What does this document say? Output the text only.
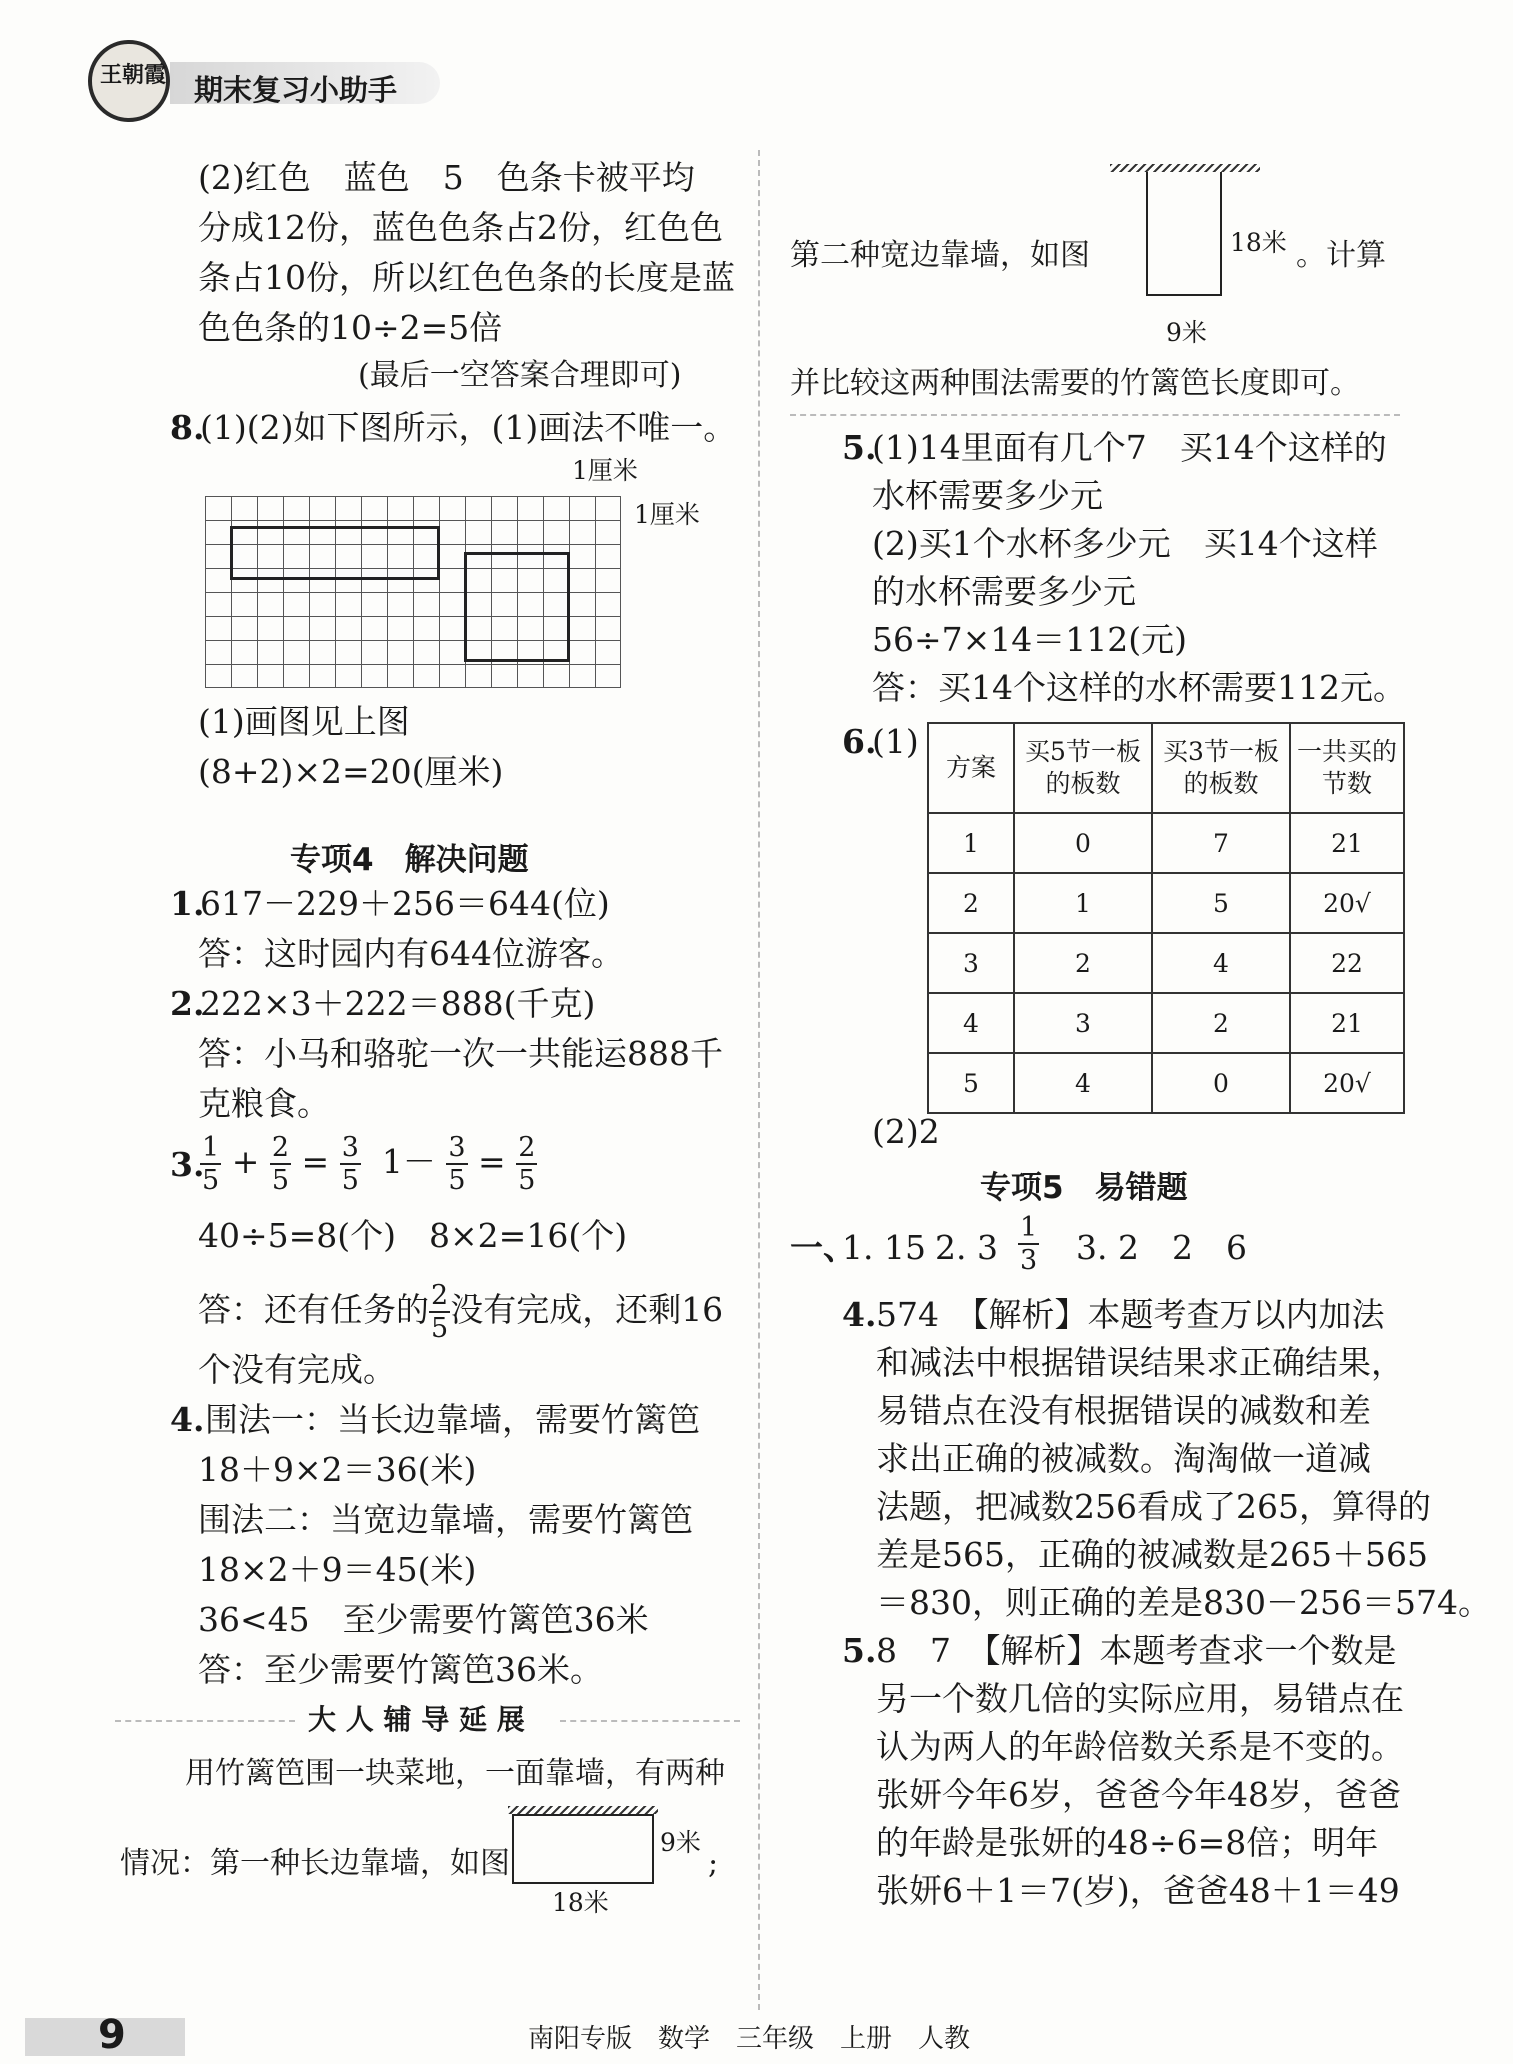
王朝霞 期末复习小助手
(2)红色　蓝色　5　色条卡被平均
分成12份，蓝色色条占2份，红色色
条占10份，所以红色色条的长度是蓝
色色条的10÷2=5倍
(最后一空答案合理即可)
8.
(1)(2)如下图所示，(1)画法不唯一。
1厘米
1厘米
(1)画图见上图
(8+2)×2=20(厘米)
专项4　解决问题
1.
617－229＋256＝644(位)
答：这时园内有644位游客。
2.
222×3＋222＝888(千克)
答：小马和骆驼一次一共能运888千
克粮食。
3.
$\frac{1}{5} + \frac{2}{5} = \frac{3}{5} 1- \frac{3}{5} = \frac{2}{5}$
40÷5=8(个)　8×2=16(个)
答：还有任务的 $\frac{2}{5}$ 没有完成，还剩16
个没有完成。
4. 围法一：当长边靠墙，需要竹篱笆
18＋9×2＝36(米)
围法二：当宽边靠墙，需要竹篱笆
18×2＋9＝45(米)
36<45　至少需要竹篱笆36米
答：至少需要竹篱笆36米。
大 人 辅 导 延 展
用竹篱笆围一块菜地，一面靠墙，有两种
情况：第一种长边靠墙，如图	;
9米
18米
第二种宽边靠墙，如图	18米 。计算
9米
并比较这两种围法需要的竹篱笆长度即可。
5.
(1)14里面有几个7　买14个这样的
水杯需要多少元
(2)买1个水杯多少元　买14个这样
的水杯需要多少元
56÷7×14＝112(元)
答：买14个这样的水杯需要112元。
6.
(1)
方案	买5节一板的板数	买3节一板的板数	一共买的节数
1	0	7	21
2	1	5	20√
3	2	4	22
4	3	2	21
5	4	0	20√
(2)2
专项5　易错题
一、
1. 15 2. $3 \frac{1}{3} 3$. 2　2　6
4. 574　【解析】本题考查万以内加法
和减法中根据错误结果求正确结果，
易错点在没有根据错误的减数和差
求出正确的被减数。淘淘做一道减
法题，把减数256看成了265，算得的
差是565，正确的被减数是265＋565
＝830，则正确的差是830－256＝574。
5. 8　7　【解析】本题考查求一个数是
另一个数几倍的实际应用，易错点在
认为两人的年龄倍数关系是不变的。
张妍今年6岁，爸爸今年48岁，爸爸
的年龄是张妍的48÷6=8倍；明年
张妍6＋1＝7(岁)，爸爸48＋1＝49
9	南阳专版　数学　三年级　上册　人教
